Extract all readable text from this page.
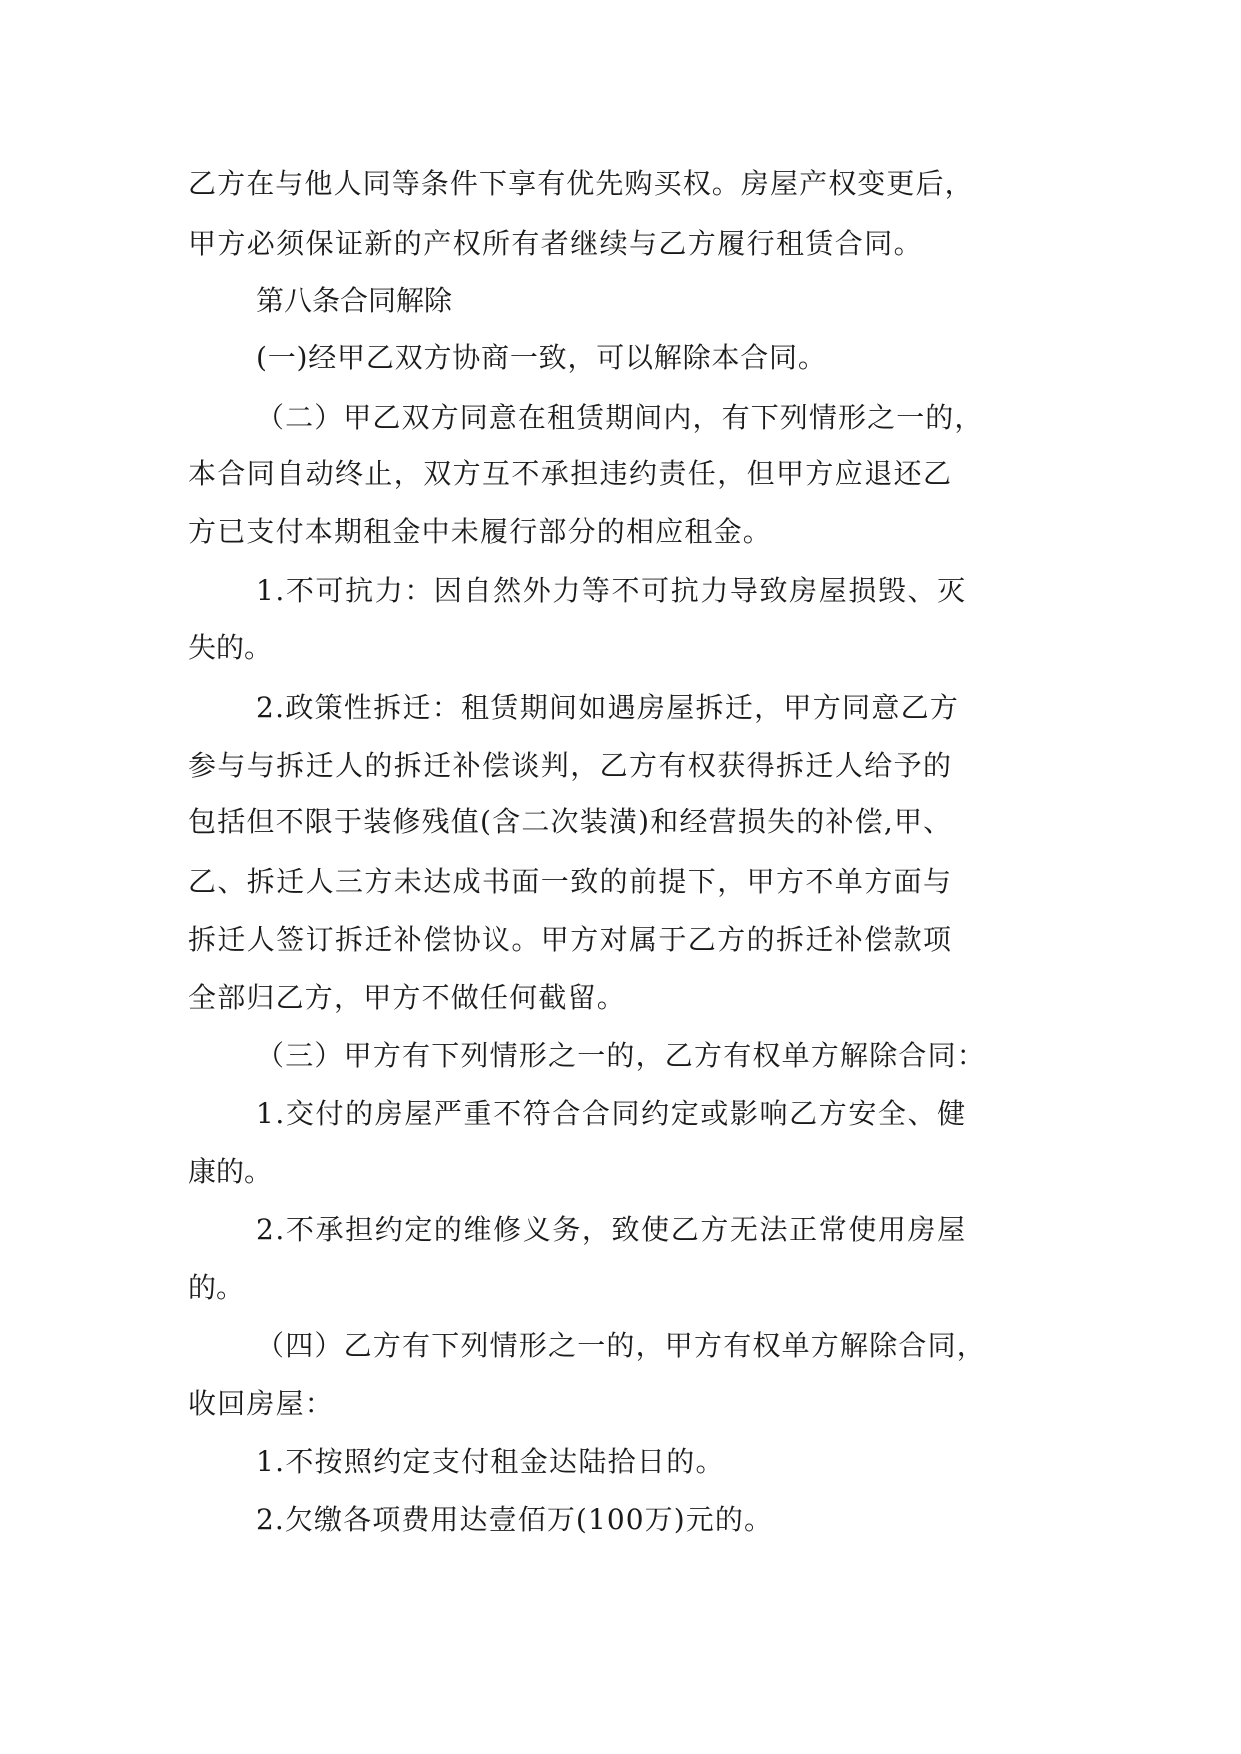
乙方在与他人同等条件下享有优先购买权。房屋产权变更后，
甲方必须保证新的产权所有者继续与乙方履行租赁合同。
第八条合同解除
(一)经甲乙双方协商一致，可以解除本合同。
（二）甲乙双方同意在租赁期间内，有下列情形之一的，
本合同自动终止，双方互不承担违约责任，但甲方应退还乙
方已支付本期租金中未履行部分的相应租金。
1.不可抗力：因自然外力等不可抗力导致房屋损毁、灭
失的。
2.政策性拆迁：租赁期间如遇房屋拆迁，甲方同意乙方
参与与拆迁人的拆迁补偿谈判，乙方有权获得拆迁人给予的
包括但不限于装修残值(含二次装潢)和经营损失的补偿,甲、
乙、拆迁人三方未达成书面一致的前提下，甲方不单方面与
拆迁人签订拆迁补偿协议。甲方对属于乙方的拆迁补偿款项
全部归乙方，甲方不做任何截留。
（三）甲方有下列情形之一的，乙方有权单方解除合同：
1.交付的房屋严重不符合合同约定或影响乙方安全、健
康的。
2.不承担约定的维修义务，致使乙方无法正常使用房屋
的。
（四）乙方有下列情形之一的，甲方有权单方解除合同，
收回房屋：
1.不按照约定支付租金达陆拾日的。
2.欠缴各项费用达壹佰万(100万)元的。
